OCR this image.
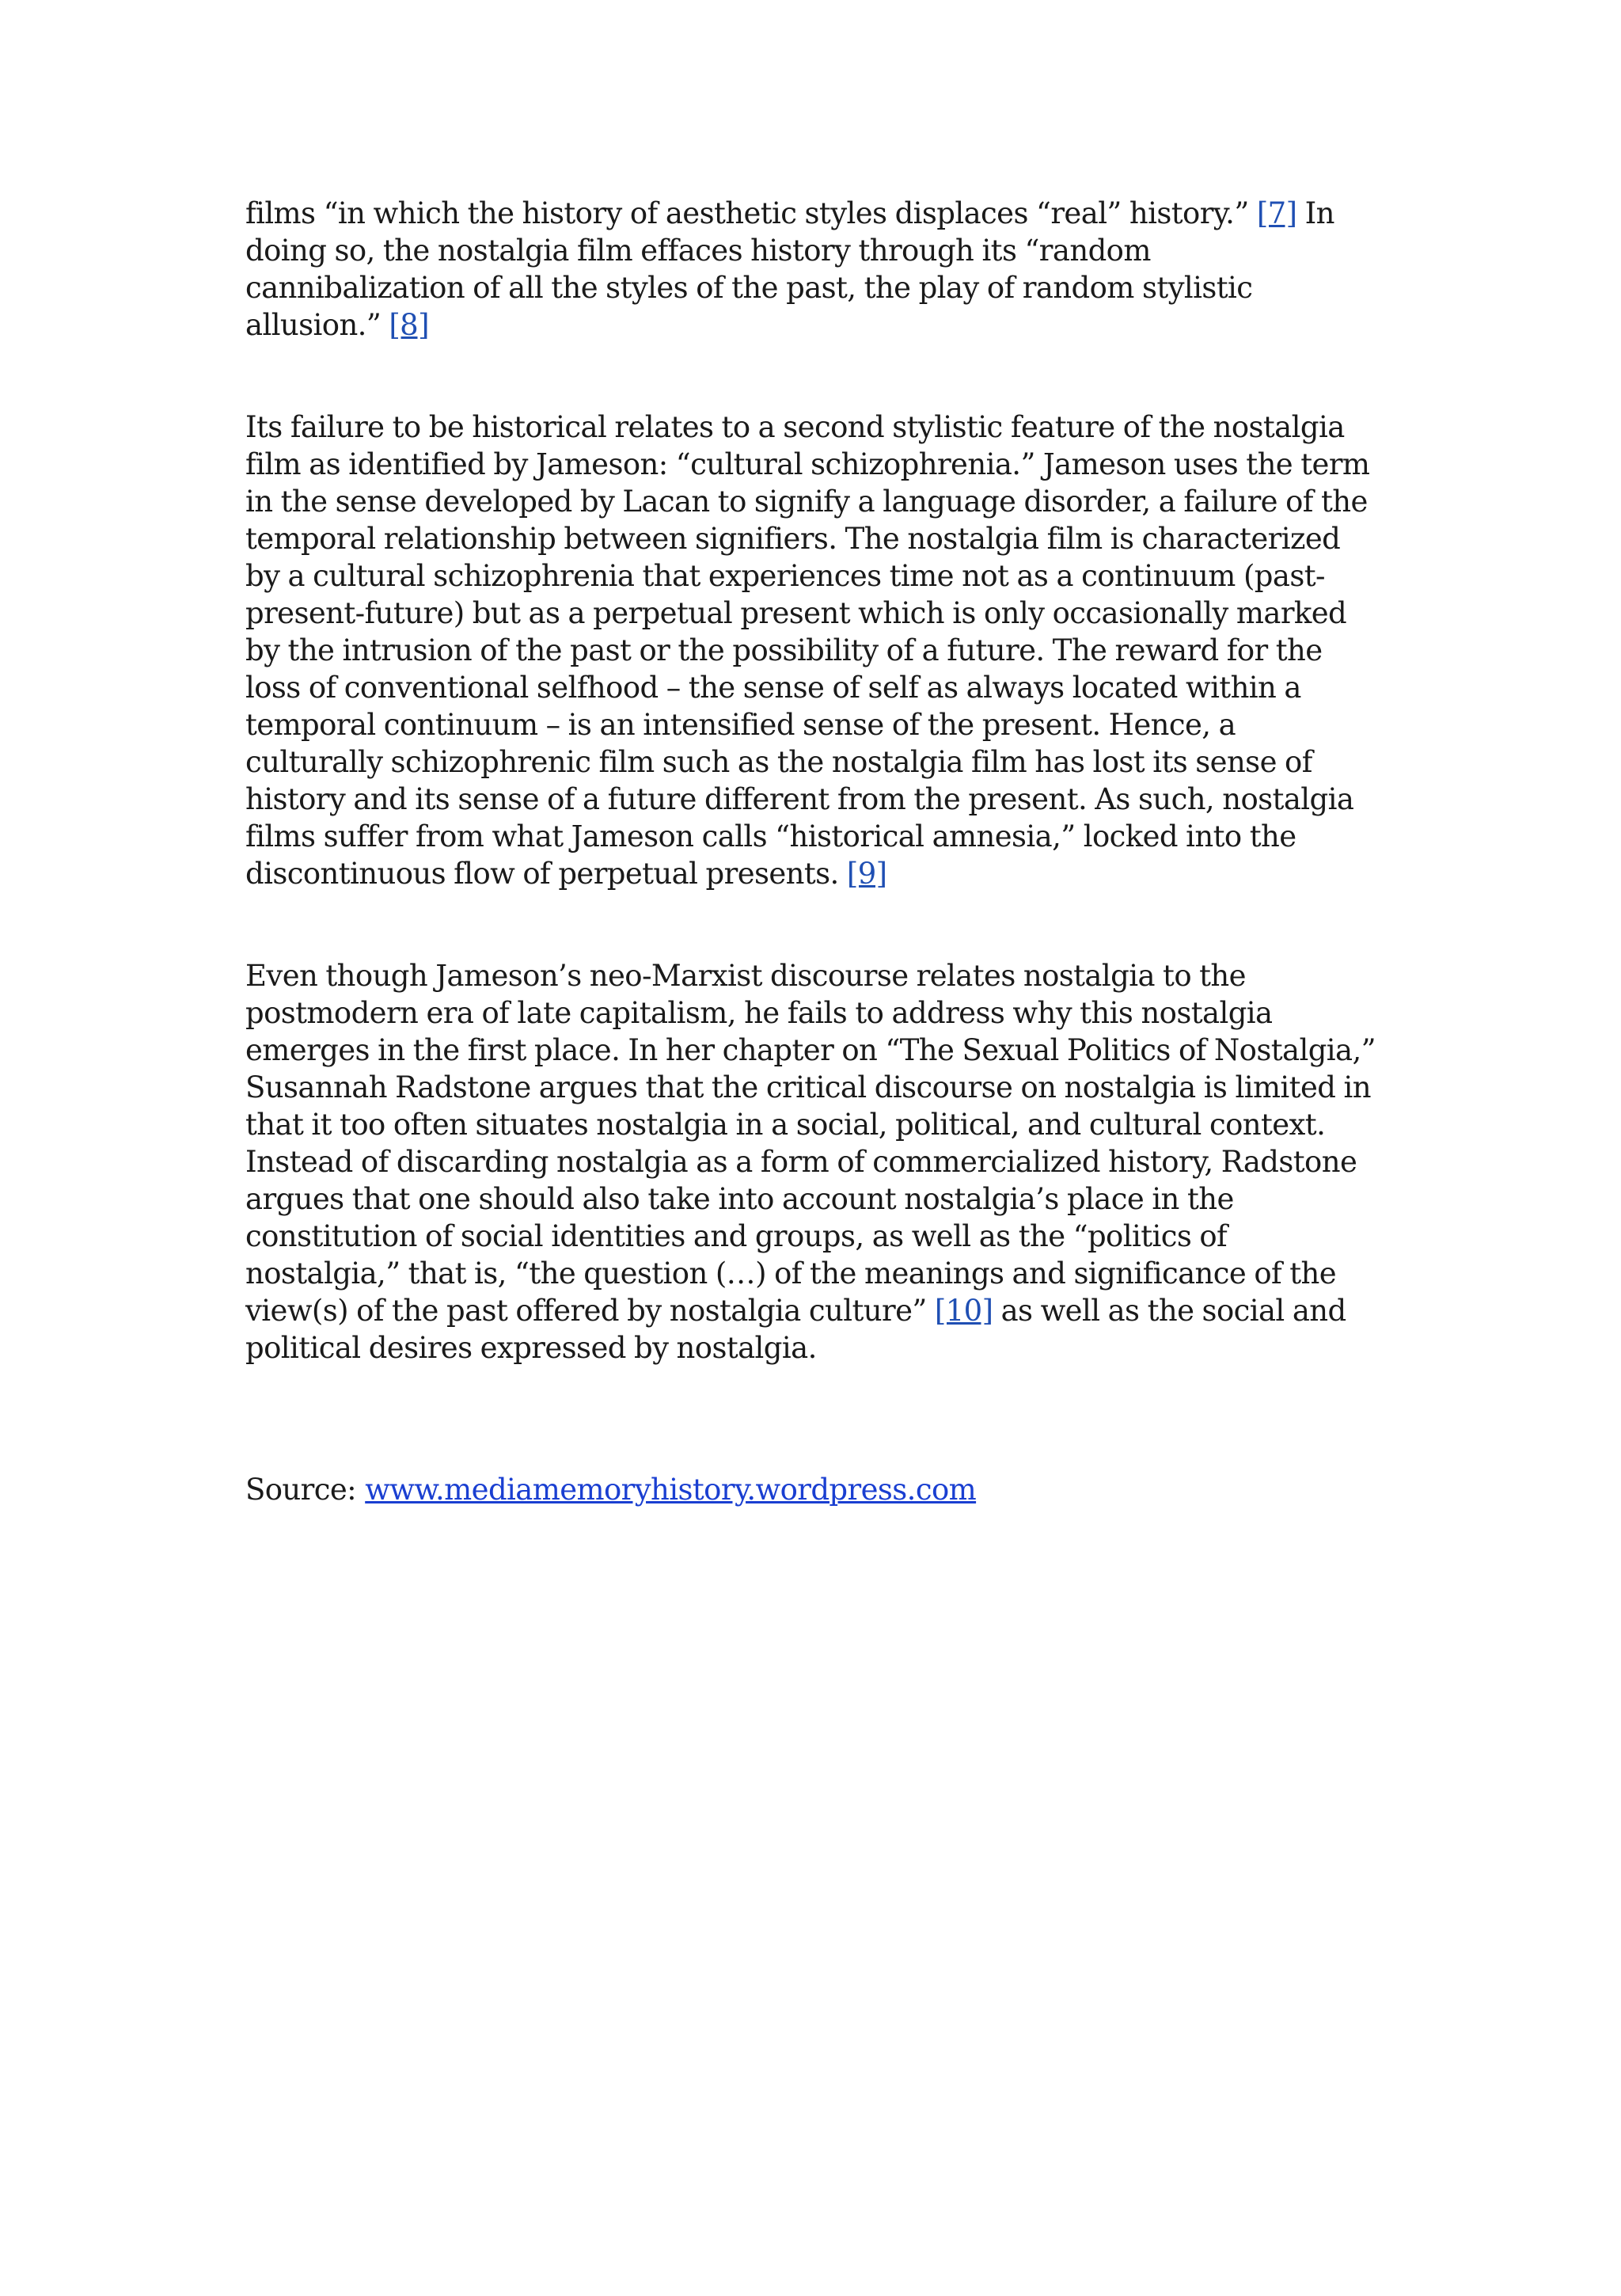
films “in which the history of aesthetic styles displaces “real” history.” [7] In doing so, the nostalgia film effaces history through its “random cannibalization of all the styles of the past, the play of random stylistic allusion.” [8]

Its failure to be historical relates to a second stylistic feature of the nostalgia film as identified by Jameson: “cultural schizophrenia.” Jameson uses the term in the sense developed by Lacan to signify a language disorder, a failure of the temporal relationship between signifiers. The nostalgia film is characterized by a cultural schizophrenia that experiences time not as a continuum (past-present-future) but as a perpetual present which is only occasionally marked by the intrusion of the past or the possibility of a future. The reward for the loss of conventional selfhood – the sense of self as always located within a temporal continuum – is an intensified sense of the present. Hence, a culturally schizophrenic film such as the nostalgia film has lost its sense of history and its sense of a future different from the present. As such, nostalgia films suffer from what Jameson calls “historical amnesia,” locked into the discontinuous flow of perpetual presents. [9]

Even though Jameson’s neo-Marxist discourse relates nostalgia to the postmodern era of late capitalism, he fails to address why this nostalgia emerges in the first place. In her chapter on “The Sexual Politics of Nostalgia,” Susannah Radstone argues that the critical discourse on nostalgia is limited in that it too often situates nostalgia in a social, political, and cultural context. Instead of discarding nostalgia as a form of commercialized history, Radstone argues that one should also take into account nostalgia’s place in the constitution of social identities and groups, as well as the “politics of nostalgia,” that is, “the question (…) of the meanings and significance of the view(s) of the past offered by nostalgia culture” [10] as well as the social and political desires expressed by nostalgia.

Source: www.mediamemoryhistory.wordpress.com
